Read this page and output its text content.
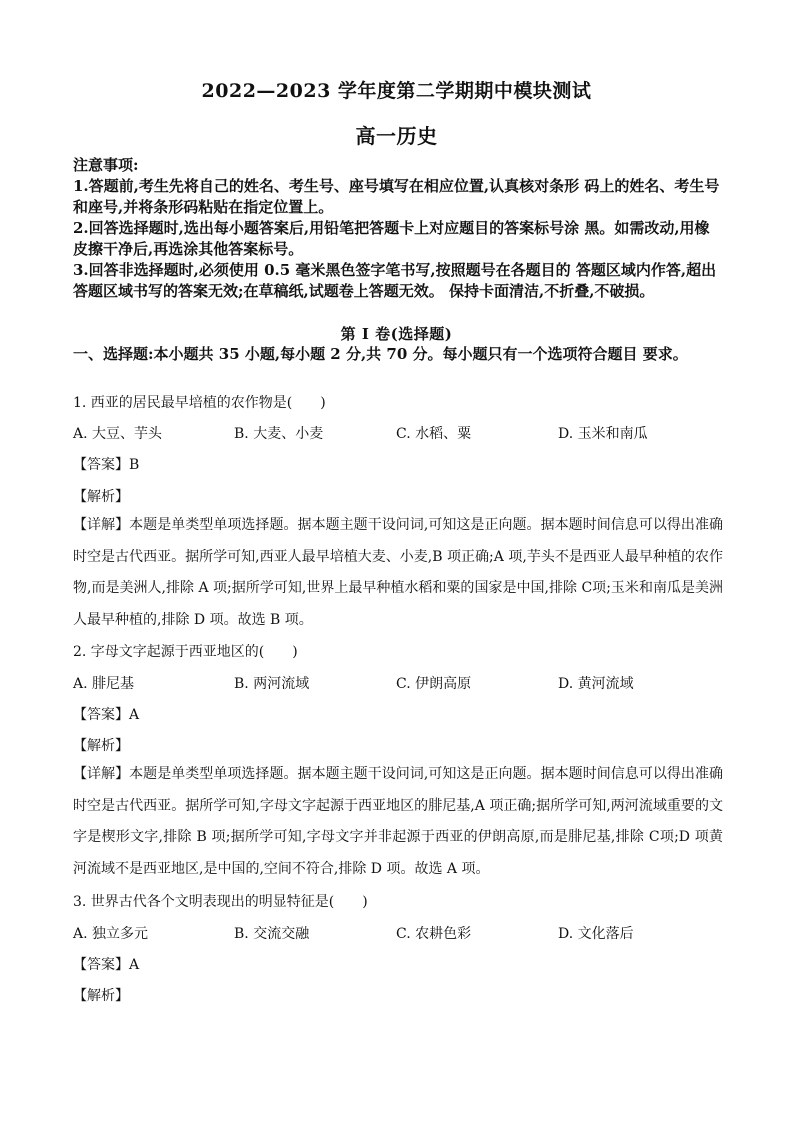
2022—2023 学年度第二学期期中模块测试
高一历史
注意事项:
1.答题前,考生先将自己的姓名、考生号、座号填写在相应位置,认真核对条形 码上的姓名、考生号和座号,并将条形码粘贴在指定位置上。
2.回答选择题时,选出每小题答案后,用铅笔把答题卡上对应题目的答案标号涂 黑。如需改动,用橡皮擦干净后,再选涂其他答案标号。
3.回答非选择题时,必须使用 0.5 毫米黑色签字笔书写,按照题号在各题目的 答题区域内作答,超出答题区域书写的答案无效;在草稿纸,试题卷上答题无效。 保持卡面清洁,不折叠,不破损。
第 I 卷(选择题)
一、选择题:本小题共 35 小题,每小题 2 分,共 70 分。每小题只有一个选项符合题目 要求。
1. 西亚的居民最早培植的农作物是(　　)
A. 大豆、芋头	B. 大麦、小麦	C. 水稻、粟	D. 玉米和南瓜
【答案】B
【解析】
【详解】本题是单类型单项选择题。据本题主题干设问词,可知这是正向题。据本题时间信息可以得出准确时空是古代西亚。据所学可知,西亚人最早培植大麦、小麦,B 项正确;A 项,芋头不是西亚人最早种植的农作物,而是美洲人,排除 A 项;据所学可知,世界上最早种植水稻和粟的国家是中国,排除 C项;玉米和南瓜是美洲人最早种植的,排除 D 项。故选 B 项。
2. 字母文字起源于西亚地区的(　　)
A. 腓尼基	B. 两河流域	C. 伊朗高原	D. 黄河流域
【答案】A
【解析】
【详解】本题是单类型单项选择题。据本题主题干设问词,可知这是正向题。据本题时间信息可以得出准确时空是古代西亚。据所学可知,字母文字起源于西亚地区的腓尼基,A 项正确;据所学可知,两河流域重要的文字是楔形文字,排除 B 项;据所学可知,字母文字并非起源于西亚的伊朗高原,而是腓尼基,排除 C项;D 项黄河流域不是西亚地区,是中国的,空间不符合,排除 D 项。故选 A 项。
3. 世界古代各个文明表现出的明显特征是(　　)
A. 独立多元	B. 交流交融	C. 农耕色彩	D. 文化落后
【答案】A
【解析】
